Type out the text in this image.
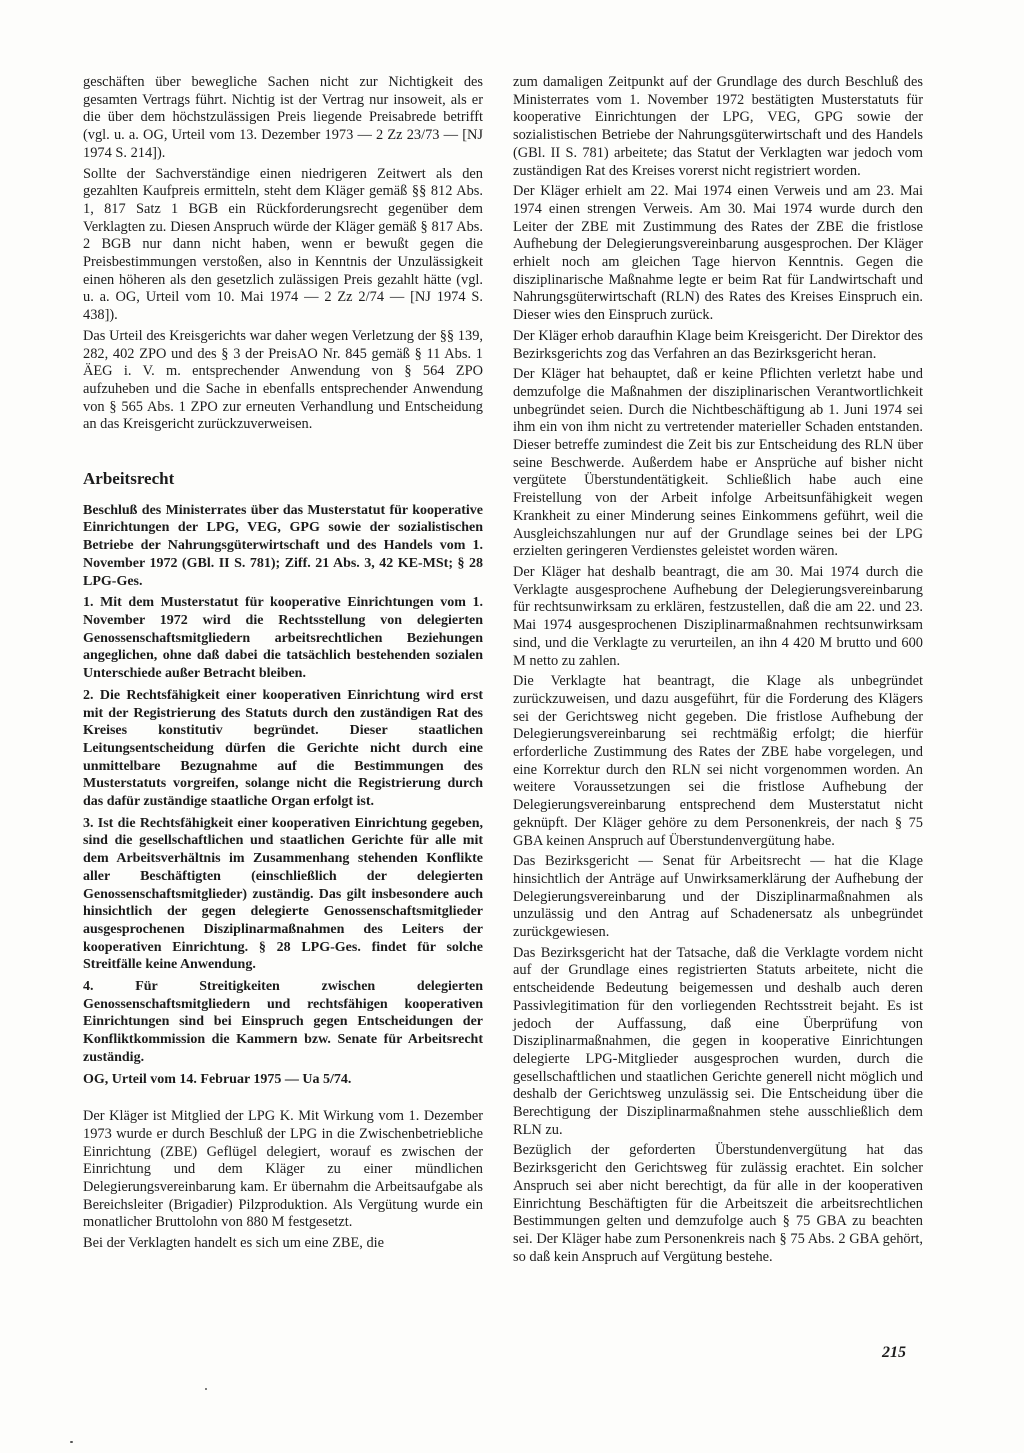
geschäften über bewegliche Sachen nicht zur Nichtigkeit des gesamten Vertrags führt. Nichtig ist der Vertrag nur insoweit, als er die über dem höchstzulässigen Preis liegende Preisabrede betrifft (vgl. u. a. OG, Urteil vom 13. Dezember 1973 — 2 Zz 23/73 — [NJ 1974 S. 214]).

Sollte der Sachverständige einen niedrigeren Zeitwert als den gezahlten Kaufpreis ermitteln, steht dem Kläger gemäß §§ 812 Abs. 1, 817 Satz 1 BGB ein Rückforderungsrecht gegenüber dem Verklagten zu. Diesen Anspruch würde der Kläger gemäß § 817 Abs. 2 BGB nur dann nicht haben, wenn er bewußt gegen die Preisbestimmungen verstoßen, also in Kenntnis der Unzulässigkeit einen höheren als den gesetzlich zulässigen Preis gezahlt hätte (vgl. u. a. OG, Urteil vom 10. Mai 1974 — 2 Zz 2/74 — [NJ 1974 S. 438]).

Das Urteil des Kreisgerichts war daher wegen Verletzung der §§ 139, 282, 402 ZPO und des § 3 der PreisAO Nr. 845 gemäß § 11 Abs. 1 ÄEG i. V. m. entsprechender Anwendung von § 564 ZPO aufzuheben und die Sache in ebenfalls entsprechender Anwendung von § 565 Abs. 1 ZPO zur erneuten Verhandlung und Entscheidung an das Kreisgericht zurückzuverweisen.

Arbeitsrecht

Beschluß des Ministerrates über das Musterstatut für kooperative Einrichtungen der LPG, VEG, GPG sowie der sozialistischen Betriebe der Nahrungsgüterwirtschaft und des Handels vom 1. November 1972 (GBl. II S. 781); Ziff. 21 Abs. 3, 42 KE-MSt; § 28 LPG-Ges.

1. Mit dem Musterstatut für kooperative Einrichtungen vom 1. November 1972 wird die Rechtsstellung von delegierten Genossenschaftsmitgliedern arbeitsrechtlichen Beziehungen angeglichen, ohne daß dabei die tatsächlich bestehenden sozialen Unterschiede außer Betracht bleiben.

2. Die Rechtsfähigkeit einer kooperativen Einrichtung wird erst mit der Registrierung des Statuts durch den zuständigen Rat des Kreises konstitutiv begründet. Dieser staatlichen Leitungsentscheidung dürfen die Gerichte nicht durch eine unmittelbare Bezugnahme auf die Bestimmungen des Musterstatuts vorgreifen, solange nicht die Registrierung durch das dafür zuständige staatliche Organ erfolgt ist.

3. Ist die Rechtsfähigkeit einer kooperativen Einrichtung gegeben, sind die gesellschaftlichen und staatlichen Gerichte für alle mit dem Arbeitsverhältnis im Zusammenhang stehenden Konflikte aller Beschäftigten (einschließlich der delegierten Genossenschaftsmitglieder) zuständig. Das gilt insbesondere auch hinsichtlich der gegen delegierte Genossenschaftsmitglieder ausgesprochenen Disziplinarmaßnahmen des Leiters der kooperativen Einrichtung. § 28 LPG-Ges. findet für solche Streitfälle keine Anwendung.

4. Für Streitigkeiten zwischen delegierten Genossenschaftsmitgliedern und rechtsfähigen kooperativen Einrichtungen sind bei Einspruch gegen Entscheidungen der Konfliktkommission die Kammern bzw. Senate für Arbeitsrecht zuständig.

OG, Urteil vom 14. Februar 1975 — Ua 5/74.

Der Kläger ist Mitglied der LPG K. Mit Wirkung vom 1. Dezember 1973 wurde er durch Beschluß der LPG in die Zwischenbetriebliche Einrichtung (ZBE) Geflügel delegiert, worauf es zwischen der Einrichtung und dem Kläger zu einer mündlichen Delegierungsvereinbarung kam. Er übernahm die Arbeitsaufgabe als Bereichsleiter (Brigadier) Pilzproduktion. Als Vergütung wurde ein monatlicher Bruttolohn von 880 M festgesetzt.

Bei der Verklagten handelt es sich um eine ZBE, die

zum damaligen Zeitpunkt auf der Grundlage des durch Beschluß des Ministerrates vom 1. November 1972 bestätigten Musterstatuts für kooperative Einrichtungen der LPG, VEG, GPG sowie der sozialistischen Betriebe der Nahrungsgüterwirtschaft und des Handels (GBl. II S. 781) arbeitete; das Statut der Verklagten war jedoch vom zuständigen Rat des Kreises vorerst nicht registriert worden.

Der Kläger erhielt am 22. Mai 1974 einen Verweis und am 23. Mai 1974 einen strengen Verweis. Am 30. Mai 1974 wurde durch den Leiter der ZBE mit Zustimmung des Rates der ZBE die fristlose Aufhebung der Delegierungsvereinbarung ausgesprochen. Der Kläger erhielt noch am gleichen Tage hiervon Kenntnis. Gegen die disziplinarische Maßnahme legte er beim Rat für Landwirtschaft und Nahrungsgüterwirtschaft (RLN) des Rates des Kreises Einspruch ein. Dieser wies den Einspruch zurück.

Der Kläger erhob daraufhin Klage beim Kreisgericht. Der Direktor des Bezirksgerichts zog das Verfahren an das Bezirksgericht heran.

Der Kläger hat behauptet, daß er keine Pflichten verletzt habe und demzufolge die Maßnahmen der disziplinarischen Verantwortlichkeit unbegründet seien. Durch die Nichtbeschäftigung ab 1. Juni 1974 sei ihm ein von ihm nicht zu vertretender materieller Schaden entstanden. Dieser betreffe zumindest die Zeit bis zur Entscheidung des RLN über seine Beschwerde. Außerdem habe er Ansprüche auf bisher nicht vergütete Überstundentätigkeit. Schließlich habe auch eine Freistellung von der Arbeit infolge Arbeitsunfähigkeit wegen Krankheit zu einer Minderung seines Einkommens geführt, weil die Ausgleichszahlungen nur auf der Grundlage seines bei der LPG erzielten geringeren Verdienstes geleistet worden wären.

Der Kläger hat deshalb beantragt, die am 30. Mai 1974 durch die Verklagte ausgesprochene Aufhebung der Delegierungsvereinbarung für rechtsunwirksam zu erklären, festzustellen, daß die am 22. und 23. Mai 1974 ausgesprochenen Disziplinarmaßnahmen rechtsunwirksam sind, und die Verklagte zu verurteilen, an ihn 4 420 M brutto und 600 M netto zu zahlen.

Die Verklagte hat beantragt, die Klage als unbegründet zurückzuweisen, und dazu ausgeführt, für die Forderung des Klägers sei der Gerichtsweg nicht gegeben. Die fristlose Aufhebung der Delegierungsvereinbarung sei rechtmäßig erfolgt; die hierfür erforderliche Zustimmung des Rates der ZBE habe vorgelegen, und eine Korrektur durch den RLN sei nicht vorgenommen worden. An weitere Voraussetzungen sei die fristlose Aufhebung der Delegierungsvereinbarung entsprechend dem Musterstatut nicht geknüpft. Der Kläger gehöre zu dem Personenkreis, der nach § 75 GBA keinen Anspruch auf Überstundenvergütung habe.

Das Bezirksgericht — Senat für Arbeitsrecht — hat die Klage hinsichtlich der Anträge auf Unwirksamerklärung der Aufhebung der Delegierungsvereinbarung und der Disziplinarmaßnahmen als unzulässig und den Antrag auf Schadenersatz als unbegründet zurückgewiesen.

Das Bezirksgericht hat der Tatsache, daß die Verklagte vordem nicht auf der Grundlage eines registrierten Statuts arbeitete, nicht die entscheidende Bedeutung beigemessen und deshalb auch deren Passivlegitimation für den vorliegenden Rechtsstreit bejaht. Es ist jedoch der Auffassung, daß eine Überprüfung von Disziplinarmaßnahmen, die gegen in kooperative Einrichtungen delegierte LPG-Mitglieder ausgesprochen wurden, durch die gesellschaftlichen und staatlichen Gerichte generell nicht möglich und deshalb der Gerichtsweg unzulässig sei. Die Entscheidung über die Berechtigung der Disziplinarmaßnahmen stehe ausschließlich dem RLN zu.

Bezüglich der geforderten Überstundenvergütung hat das Bezirksgericht den Gerichtsweg für zulässig erachtet. Ein solcher Anspruch sei aber nicht berechtigt, da für alle in der kooperativen Einrichtung Beschäftigten für die Arbeitszeit die arbeitsrechtlichen Bestimmungen gelten und demzufolge auch § 75 GBA zu beachten sei. Der Kläger habe zum Personenkreis nach § 75 Abs. 2 GBA gehört, so daß kein Anspruch auf Vergütung bestehe.

215
